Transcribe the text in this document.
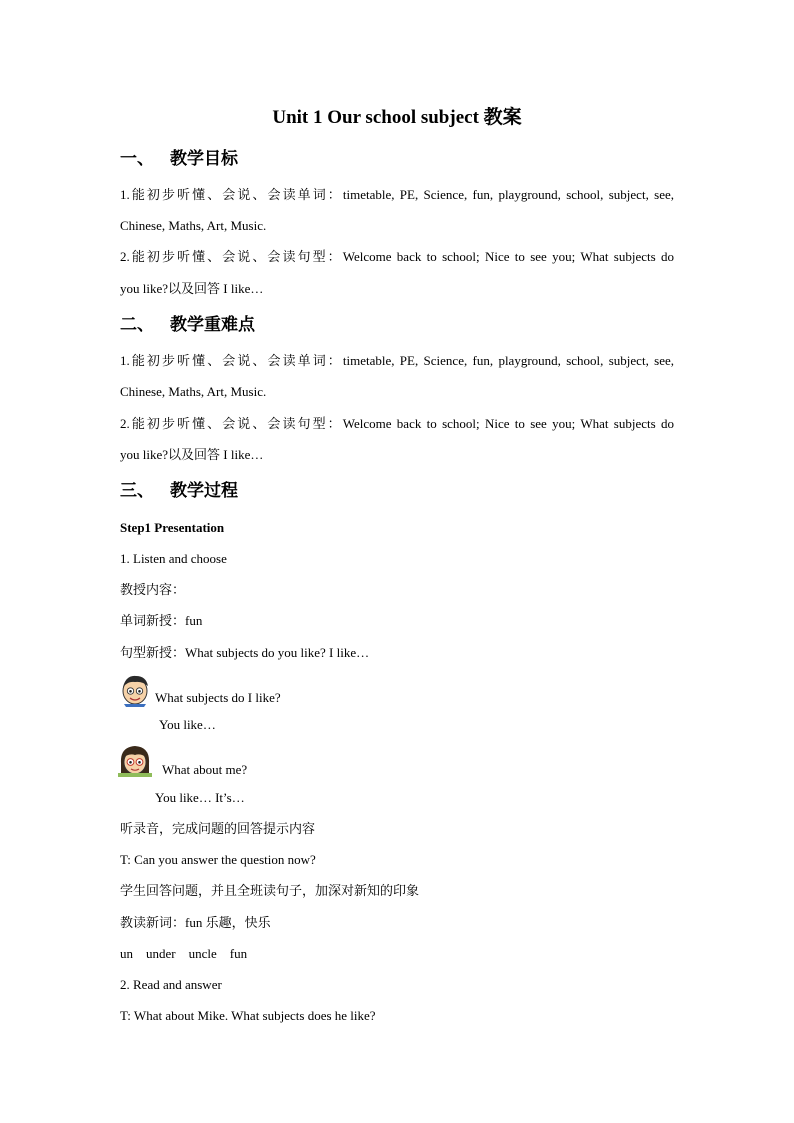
Unit 1 Our school subject 教案
一、 教学目标
1.能初步听懂、会说、会读单词：timetable, PE, Science, fun, playground, school, subject, see,
Chinese, Maths, Art, Music.
2.能初步听懂、会说、会读句型：Welcome back to school; Nice to see you; What subjects do
you like?以及回答 I like…
二、 教学重难点
1.能初步听懂、会说、会读单词：timetable, PE, Science, fun, playground, school, subject, see,
Chinese, Maths, Art, Music.
2.能初步听懂、会说、会读句型：Welcome back to school; Nice to see you; What subjects do
you like?以及回答 I like…
三、 教学过程
Step1 Presentation
1. Listen and choose
教授内容：
单词新授：fun
句型新授：What subjects do you like? I like…
What subjects do I like?
You like…
What about me?
You like… It’s…
听录音，完成问题的回答提示内容
T: Can you answer the question now?
学生回答问题，并且全班读句子，加深对新知的印象
教读新词：fun 乐趣，快乐
un    under    uncle    fun
2. Read and answer
T: What about Mike. What subjects does he like?
